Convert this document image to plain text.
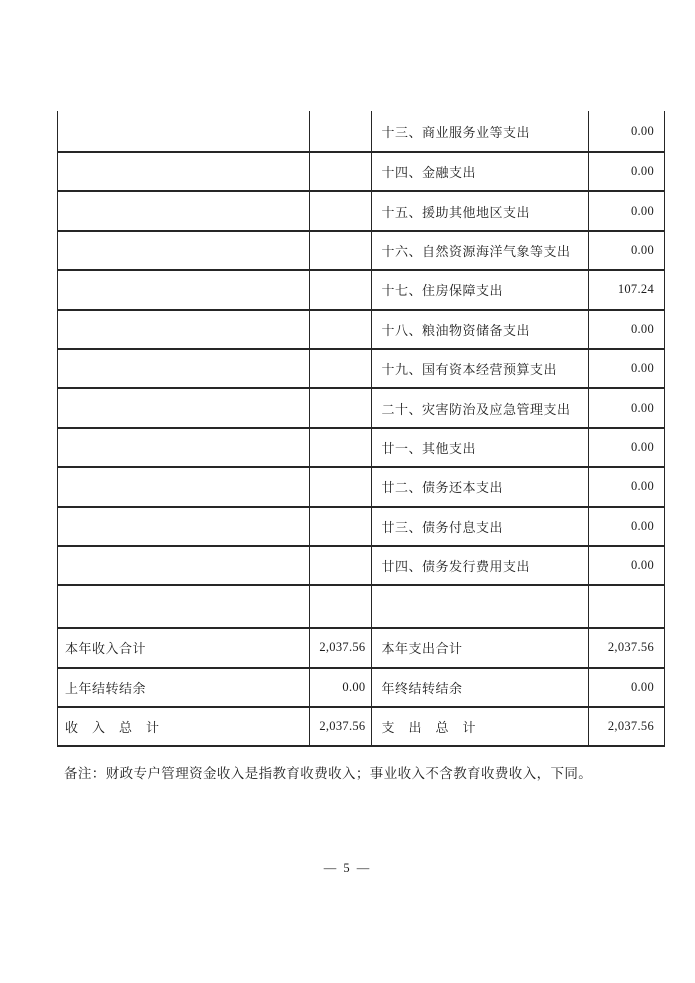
十三、商业服务业等支出	0.00
十四、金融支出	0.00
十五、援助其他地区支出	0.00
十六、自然资源海洋气象等支出	0.00
十七、住房保障支出	107.24
十八、粮油物资储备支出	0.00
十九、国有资本经营预算支出	0.00
二十、灾害防治及应急管理支出	0.00
廿一、其他支出	0.00
廿二、债务还本支出	0.00
廿三、债务付息支出	0.00
廿四、债务发行费用支出	0.00
本年收入合计	2,037.56	本年支出合计	2,037.56
上年结转结余	0.00	年终结转结余	0.00
收　入　总　计	2,037.56	支　出　总　计	2,037.56
备注：财政专户管理资金收入是指教育收费收入；事业收入不含教育收费收入，下同。
— 5 —
